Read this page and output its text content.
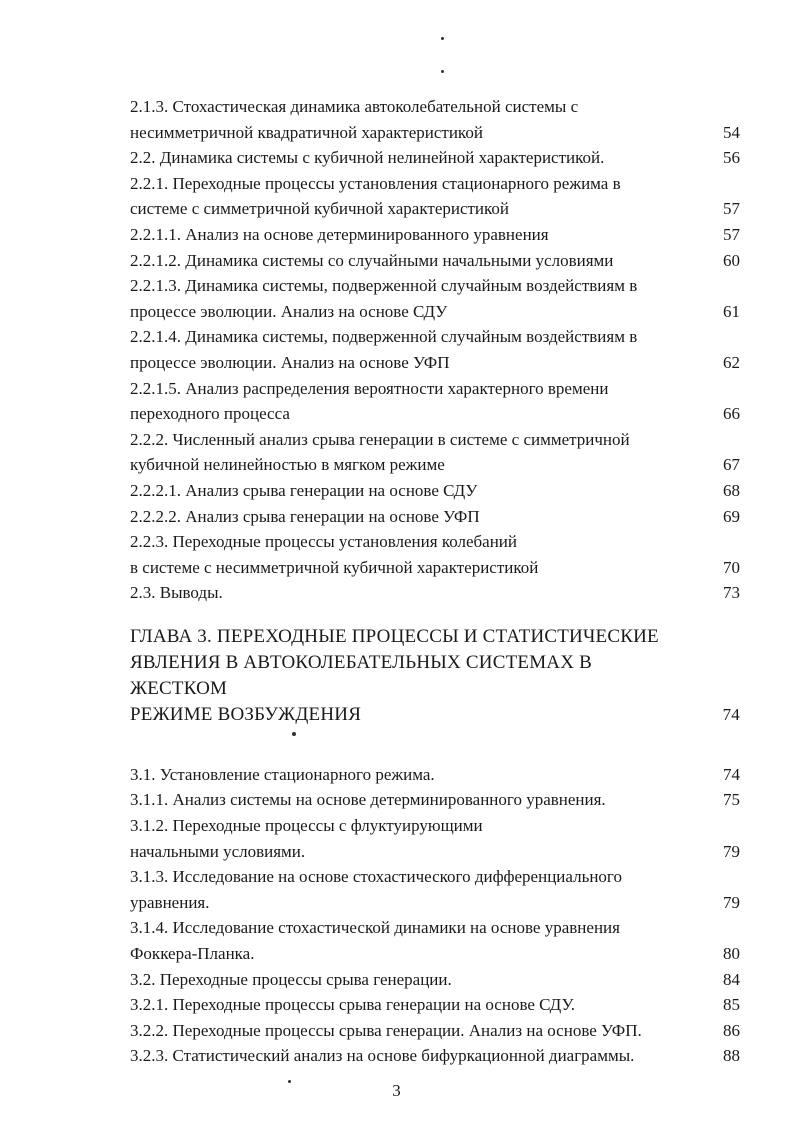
2.1.3. Стохастическая динамика автоколебательной системы с
несимметричной квадратичной характеристикой	54
2.2. Динамика системы с кубичной нелинейной характеристикой.	56
2.2.1. Переходные процессы установления стационарного режима в
системе с симметричной кубичной характеристикой	57
2.2.1.1. Анализ на основе детерминированного уравнения	57
2.2.1.2. Динамика системы со случайными начальными условиями	60
2.2.1.3. Динамика системы, подверженной случайным воздействиям в
процессе эволюции. Анализ на основе СДУ	61
2.2.1.4. Динамика системы, подверженной случайным воздействиям в
процессе эволюции. Анализ на основе УФП	62
2.2.1.5. Анализ распределения вероятности характерного времени
переходного процесса	66
2.2.2. Численный анализ срыва генерации в системе с симметричной
кубичной нелинейностью в мягком режиме	67
2.2.2.1. Анализ срыва генерации на основе СДУ	68
2.2.2.2. Анализ срыва генерации на основе УФП	69
2.2.3. Переходные процессы установления колебаний
в системе с несимметричной кубичной характеристикой	70
2.3. Выводы.	73
ГЛАВА 3. ПЕРЕХОДНЫЕ ПРОЦЕССЫ И СТАТИСТИЧЕСКИЕ
ЯВЛЕНИЯ В АВТОКОЛЕБАТЕЛЬНЫХ СИСТЕМАХ В ЖЕСТКОМ
РЕЖИМЕ ВОЗБУЖДЕНИЯ	74
3.1. Установление стационарного режима.	74
3.1.1. Анализ системы на основе детерминированного уравнения.	75
3.1.2. Переходные процессы с флуктуирующими
начальными условиями.	79
3.1.3. Исследование на основе стохастического дифференциального
уравнения.	79
3.1.4. Исследование стохастической динамики на основе уравнения
Фоккера-Планка.	80
3.2. Переходные процессы срыва генерации.	84
3.2.1. Переходные процессы срыва генерации на основе СДУ.	85
3.2.2. Переходные процессы срыва генерации. Анализ на основе УФП.	86
3.2.3. Статистический анализ на основе бифуркационной диаграммы.	88
3
